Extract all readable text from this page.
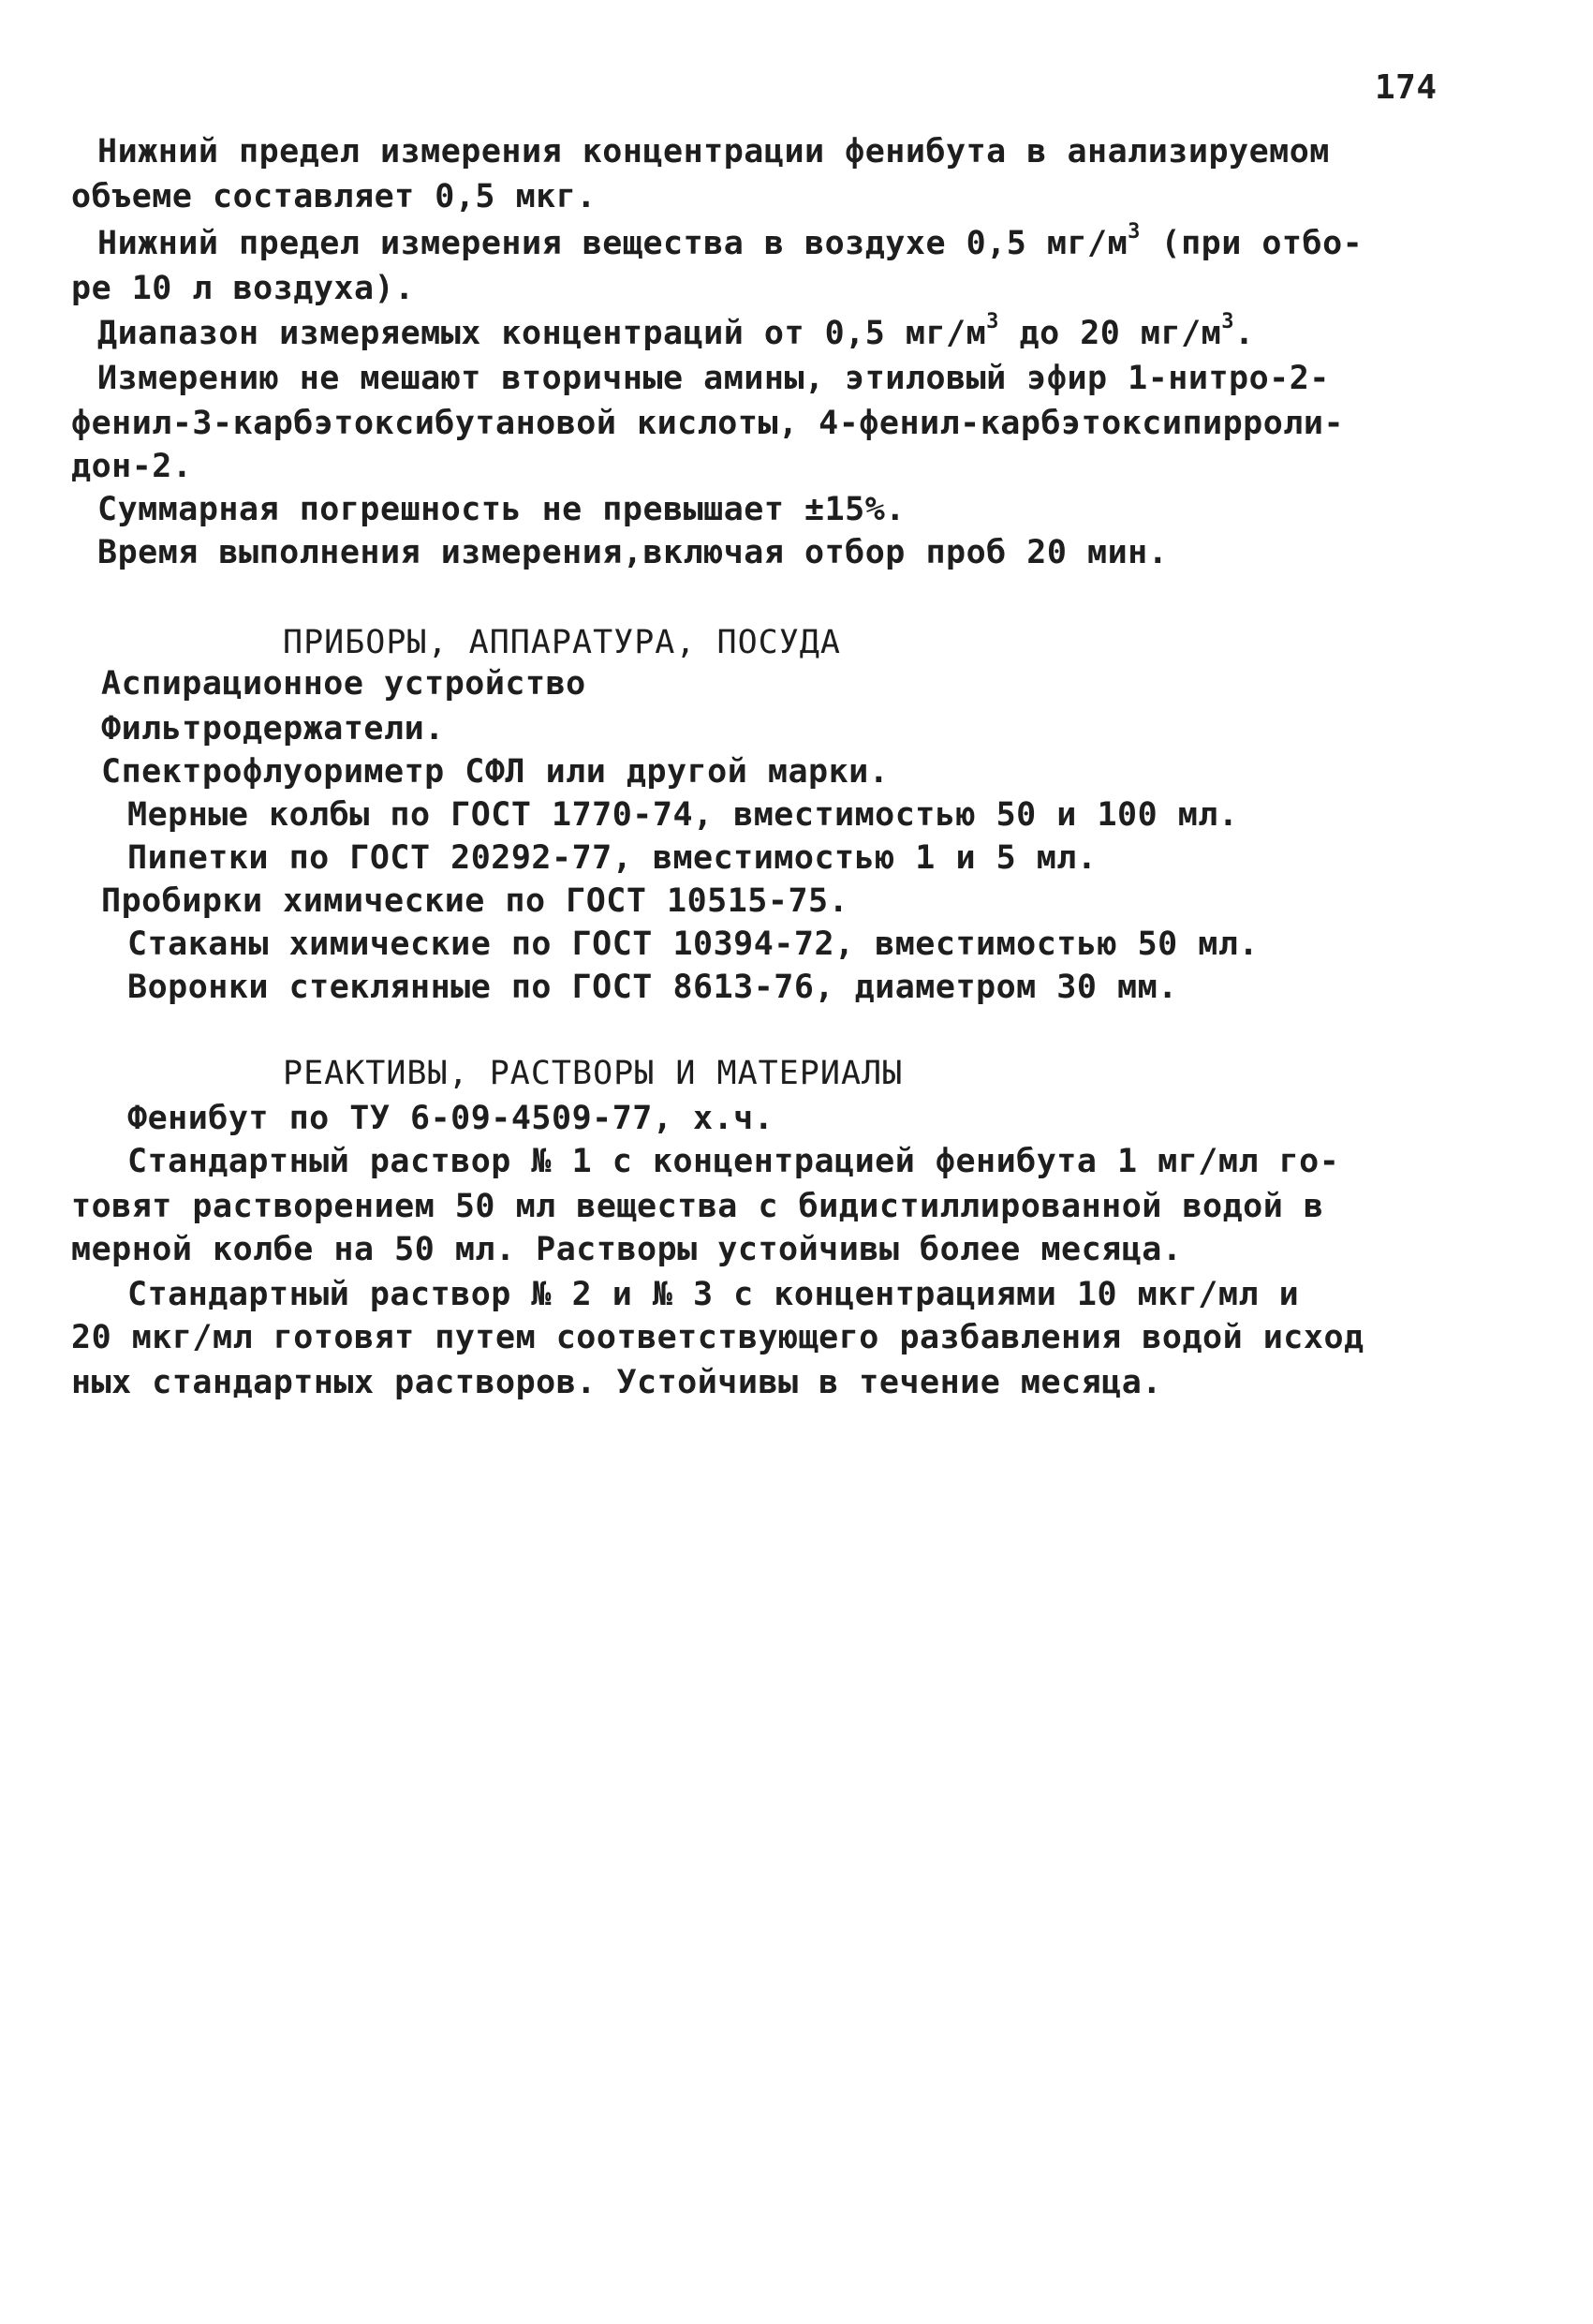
174
Нижний предел измерения концентрации фенибута в анализируемом
объеме составляет 0,5 мкг.
Нижний предел измерения вещества в воздухе 0,5 $мг/м^3$ (при отбо-
ре 10 л воздуха).
Диапазон измеряемых концентраций от 0,5 $мг/м^3$ до 20 $мг/м^3$.
Измерению не мешают вторичные амины, этиловый эфир 1-нитро-2-
фенил-3-карбэтоксибутановой кислоты, 4-фенил-карбэтоксипирроли-
дон-2.
Суммарная погрешность не превышает ±15%.
Время выполнения измерения,включая отбор проб 20 мин.
ПРИБОРЫ, АППАРАТУРА, ПОСУДА
Аспирационное устройство
Фильтродержатели.
Спектрофлуориметр СФЛ или другой марки.
Мерные колбы по ГОСТ 1770-74, вместимостью 50 и 100 мл.
Пипетки по ГОСТ 20292-77, вместимостью 1 и 5 мл.
Пробирки химические по ГОСТ 10515-75.
Стаканы химические по ГОСТ 10394-72, вместимостью 50 мл.
Воронки стеклянные по ГОСТ 8613-76, диаметром 30 мм.
РЕАКТИВЫ, РАСТВОРЫ И МАТЕРИАЛЫ
Фенибут по ТУ 6-09-4509-77, х.ч.
Стандартный раствор № 1 с концентрацией фенибута 1 мг/мл го-
товят растворением 50 мл вещества с бидистиллированной водой в
мерной колбе на 50 мл. Растворы устойчивы более месяца.
Стандартный раствор № 2 и № 3 с концентрациями 10 мкг/мл и
20 мкг/мл готовят путем соответствующего разбавления водой исход
ных стандартных растворов. Устойчивы в течение месяца.
